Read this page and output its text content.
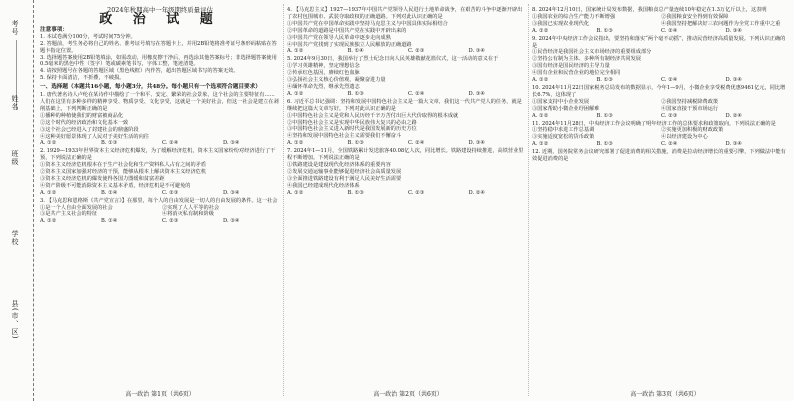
考号
姓名
班级
学校
县(市、区)
2024年秋期高中一年级期终质量评估
政 治 试 题
注意事项：
1. 本试卷满分100分，考试时间75分钟。
2. 答题前，考生务必将自己的姓名、准考证号填写在答题卡上，并用2B铅笔将准考证号条形码粘贴在答题卡指定位置。
3. 选择题答案使用2B铅笔填涂，如需改动，用橡皮擦干净后，再选涂其他答案标号；非选择题答案使用0.5毫米的黑色中性（签字）笔或碳素笔书写，字体工整，笔迹清楚。
4. 请按照题号在各题的答题区域（黑色线框）内作答，超出答题区域书写的答案无效。
5. 保持卡面清洁，不折叠，不破损。
一、选择题（本题共16小题，每小题3分，共48分。每小题只有一个选项符合题目要求）

1. 唐代著名诗人卢纶在某诗作中描绘了一个和平、安定、繁荣的社会景象，这个社会的主要特征有……人们在这里有多种多样的精神享受、物质享受、文化享受，这就是一个美好社会，但这一社会是建立在剥削基础上，下列判断正确的是

①播种的种植使我们的财富被商品化

②这个时代的经济政治和文化基本一致

③这个社会已经进入了封建社会的鼎盛阶段

④这种美好愿景体现了人民对于美好生活的向往

A. ①②	B. ①③	C. ②④	D. ③④

2. 1929—1933年世界资本主义经济危机爆发，为了缓解经济危机，资本主义国家纷纷对经济进行了干预，下列说法正确的是

①资本主义经济危机根本在于生产社会化和生产资料私人占有之间的矛盾

②资本主义国家加强对经济的干预，能够从根本上解决资本主义经济危机

③资本主义经济危机的爆发使得各国力图缓和贫富差距

④资产阶级不可能消除资本主义基本矛盾，经济危机是不可避免的

A. ①②	B. ①④	C. ②③	D. ③④

3. 【马克思和恩格斯《共产党宣言》】在那里，每个人的自由发展是一切人的自由发展的条件。这一社会

①是一个人自由全面发展的社会	②实现了人人平等的社会
③是共产主义社会的特征	④将消灭私有制和阶级
A. ①②	B. ①④	C. ②③	D. ③④

4. 【马克思主义】1927—1937年中国共产党领导人民进行土地革命战争，在艰苦的斗争中逐渐开辟出了农村包围城市、武装夺取政权的正确道路。下列对此认识正确的是

①中国共产党在中国革命实践中坚持马克思主义与中国具体实际相结合

②中国革命的道路是中国共产党在实践中开辟出来的

③中国共产党在领导人民革命中逐步走向成熟

④中国共产党找到了实现民族独立人民解放的正确道路

A. ①②	B. ①④	C. ②③	D. ③④

5. 2024年9月30日，我国举行了烈士纪念日向人民英雄敬献花篮仪式，这一活动的意义在于

①学习英雄精神，坚定理想信念

②传承红色基因，赓续红色血脉

③弘扬社会主义核心价值观，凝聚奋进力量

④缅怀革命先烈，继承先烈遗志

A. ①②	B. ①③	C. ②④	D. ③④

6. 习近平总书记强调：坚持和发展中国特色社会主义是一篇大文章，我们这一代共产党人的任务，就是继续把这篇大文章写好。下列对此认识正确的是

①中国特色社会主义是党和人民历经千辛万苦付出巨大代价取得的根本成就

②中国特色社会主义是实现中华民族伟大复兴的必由之路

③中国特色社会主义进入新时代是我国发展新的历史方位

④坚持和发展中国特色社会主义需要我们不懈奋斗

A. ①②	B. ①③	C. ②④	D. ③④

7. 2024年1—11月，全国铁路累计发送旅客40.08亿人次，同比增长。铁路建设持续推进，高铁营业里程不断增加。下列说法正确的是

①铁路建设是建设现代化经济体系的重要内容

②发展交通运输事业能够促进经济社会高质量发展

③全面推进铁路建设有利于满足人民美好生活需要

④我国已经建成现代化经济体系

A. ①②	B. ①③	C. ②③	D. ②④

8. 2024年12月10日，国家统计局发布数据，我国粮食总产量连续10年稳定在1.3万亿斤以上，这表明

①我国农业的综合生产能力不断增强	②我国粮食安全得到有效保障
③我国已实现农业现代化	④我国坚持把解决好三农问题作为全党工作重中之重
A. ①②	B. ①③	C. ②④	D. ③④

9. 2024年中央经济工作会议指出，要坚持和落实“两个毫不动摇”，推动民营经济高质量发展。下列认识正确的是

①民营经济是我国社会主义市场经济的重要组成部分

②坚持公有制为主体、多种所有制经济共同发展

③国有经济是国民经济的主导力量

④国有企业和民营企业的地位完全相同

A. ①②	B. ①③	C. ②④	D. ③④

10. 2024年11月22日国家税务总局发布的数据显示，今年1—9月，小微企业享受税费优惠9461亿元，同比增长6.7%，这体现了

①国家支持中小企业发展	②我国坚持减税降费政策
③国家帮助小微企业纾困解难	④国家直接干预市场运行
A. ①②	B. ①③	C. ②③	D. ②④

11. 2024年11月28日，中央经济工作会议明确了明年经济工作的总体要求和政策取向，下列说法正确的是

①坚持稳中求进工作总基调	②实施更加积极的财政政策
③实施适度宽松的货币政策	④以经济建设为中心
A. ①②	B. ①③	C. ②④	D. ③④

12. 近期，国务院常务会议研究部署了促进消费的相关措施，消费是拉动经济增长的重要引擎，下列做法中能有效促进消费的是

高一政治 第1页（共6页）	高一政治 第2页（共6页）	高一政治 第3页（共6页）
